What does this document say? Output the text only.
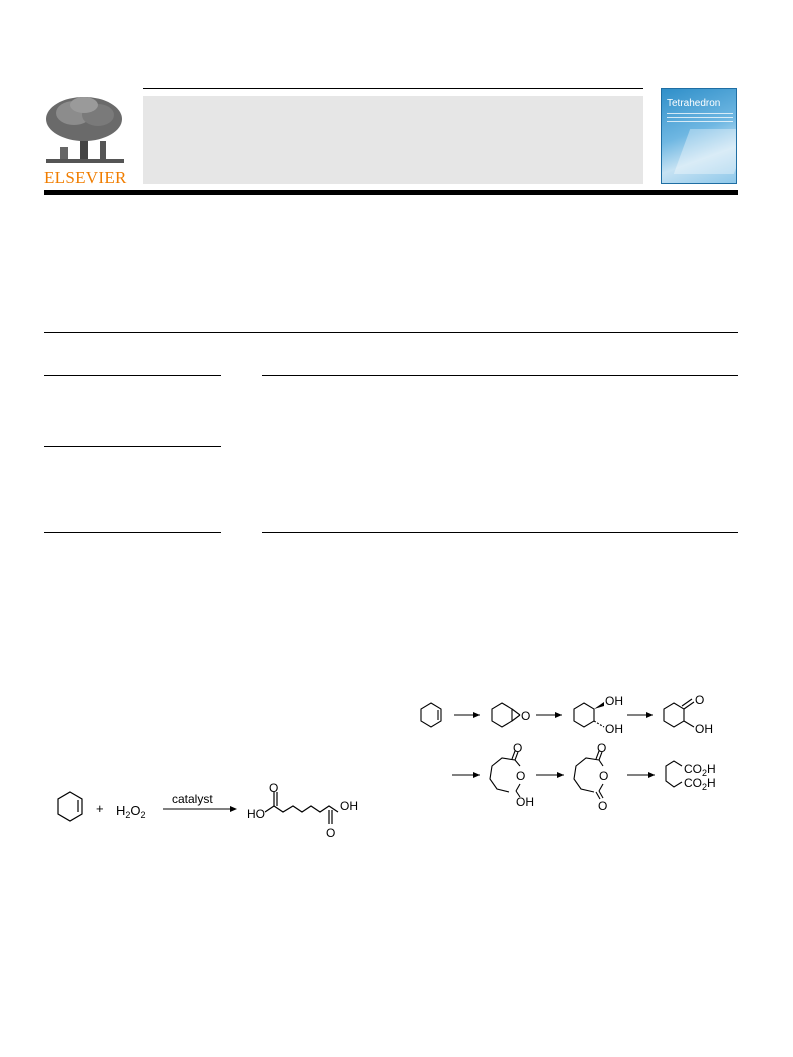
ELSEVIER
Tetrahedron
+ $H_2O_2$
catalyst
O
HO
OH
O
O
OH
OH
O
OH
O
O
OH
O
O
O
$CO_2H$
$CO_2H$
